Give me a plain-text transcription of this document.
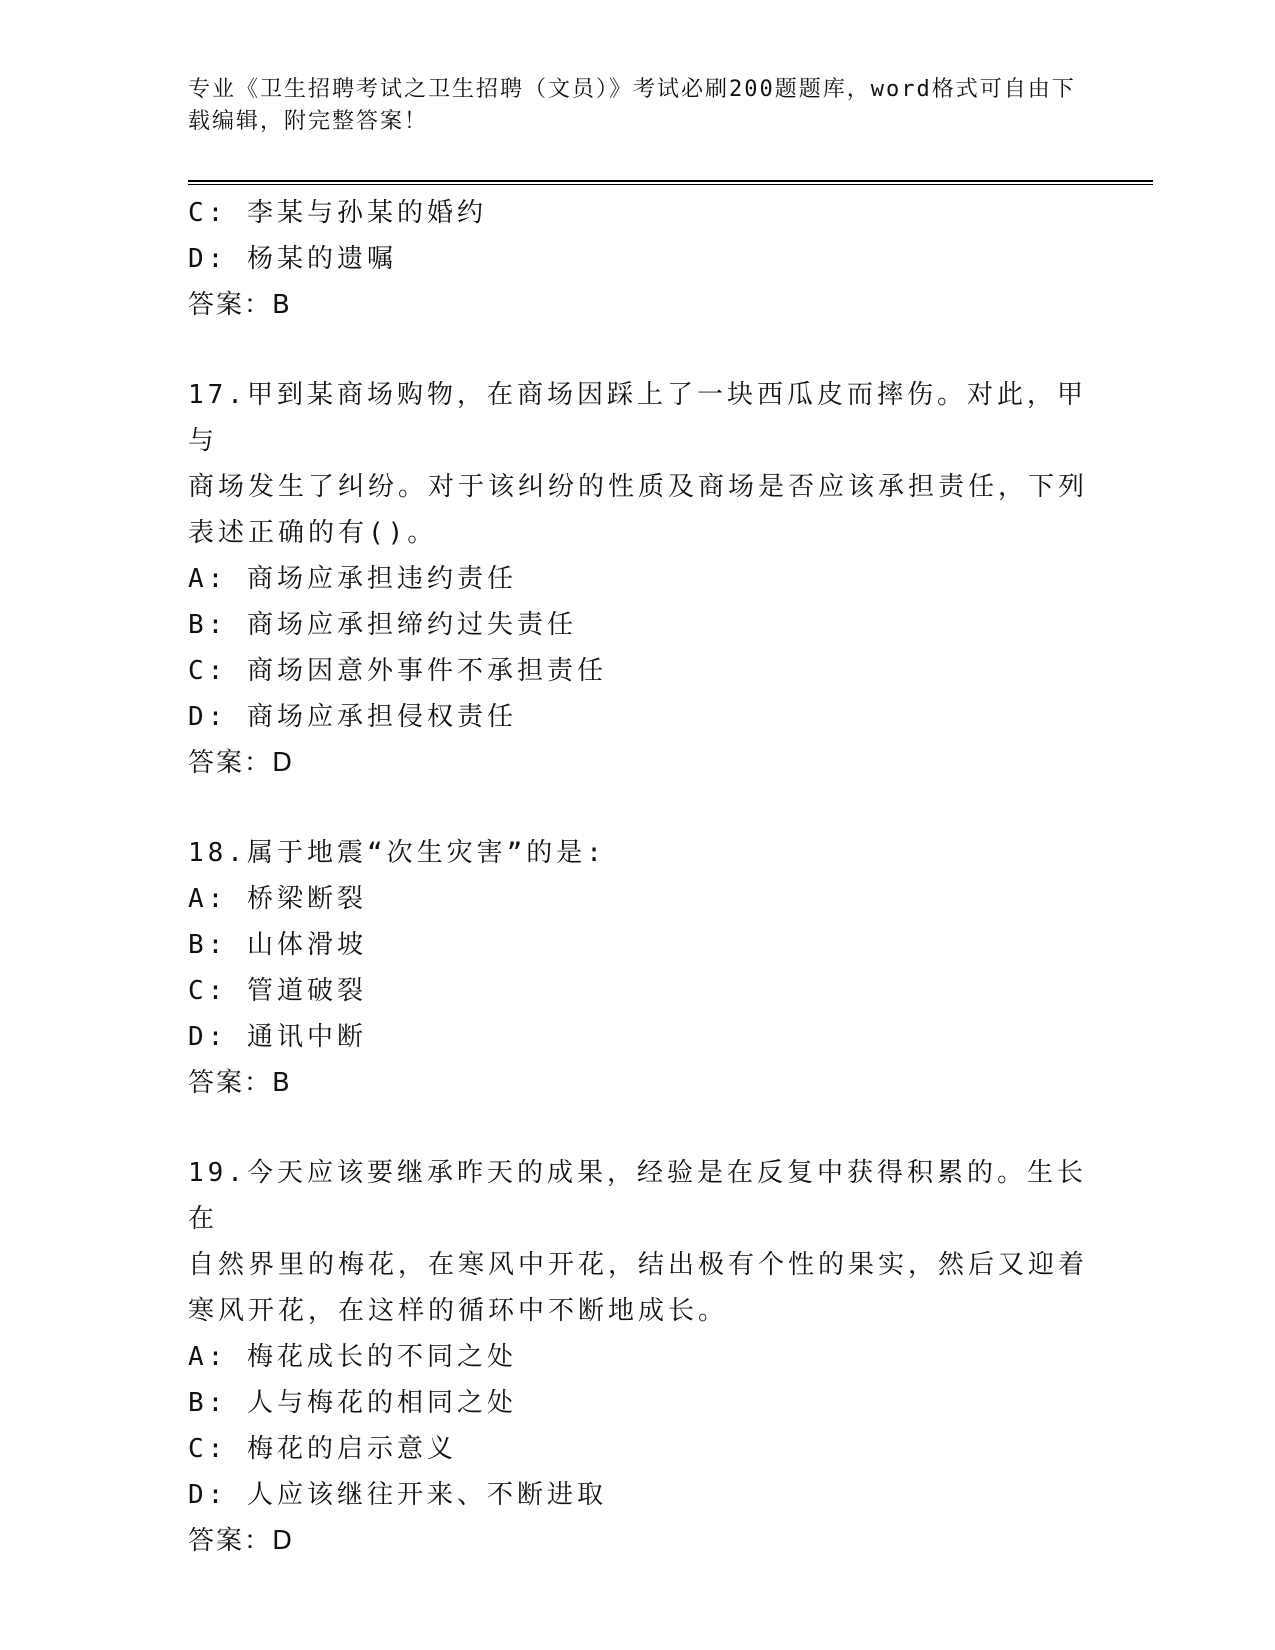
专业《卫生招聘考试之卫生招聘（文员）》考试必刷200题题库，word格式可自由下载编辑，附完整答案！
C: 李某与孙某的婚约
D: 杨某的遗嘱
答案：B
17.甲到某商场购物，在商场因踩上了一块西瓜皮而摔伤。对此，甲与
商场发生了纠纷。对于该纠纷的性质及商场是否应该承担责任，下列
表述正确的有()。
A: 商场应承担违约责任
B: 商场应承担缔约过失责任
C: 商场因意外事件不承担责任
D: 商场应承担侵权责任
答案：D
18.属于地震“次生灾害”的是:
A: 桥梁断裂
B: 山体滑坡
C: 管道破裂
D: 通讯中断
答案：B
19.今天应该要继承昨天的成果，经验是在反复中获得积累的。生长在
自然界里的梅花，在寒风中开花，结出极有个性的果实，然后又迎着
寒风开花，在这样的循环中不断地成长。
A: 梅花成长的不同之处
B: 人与梅花的相同之处
C: 梅花的启示意义
D: 人应该继往开来、不断进取
答案：D
